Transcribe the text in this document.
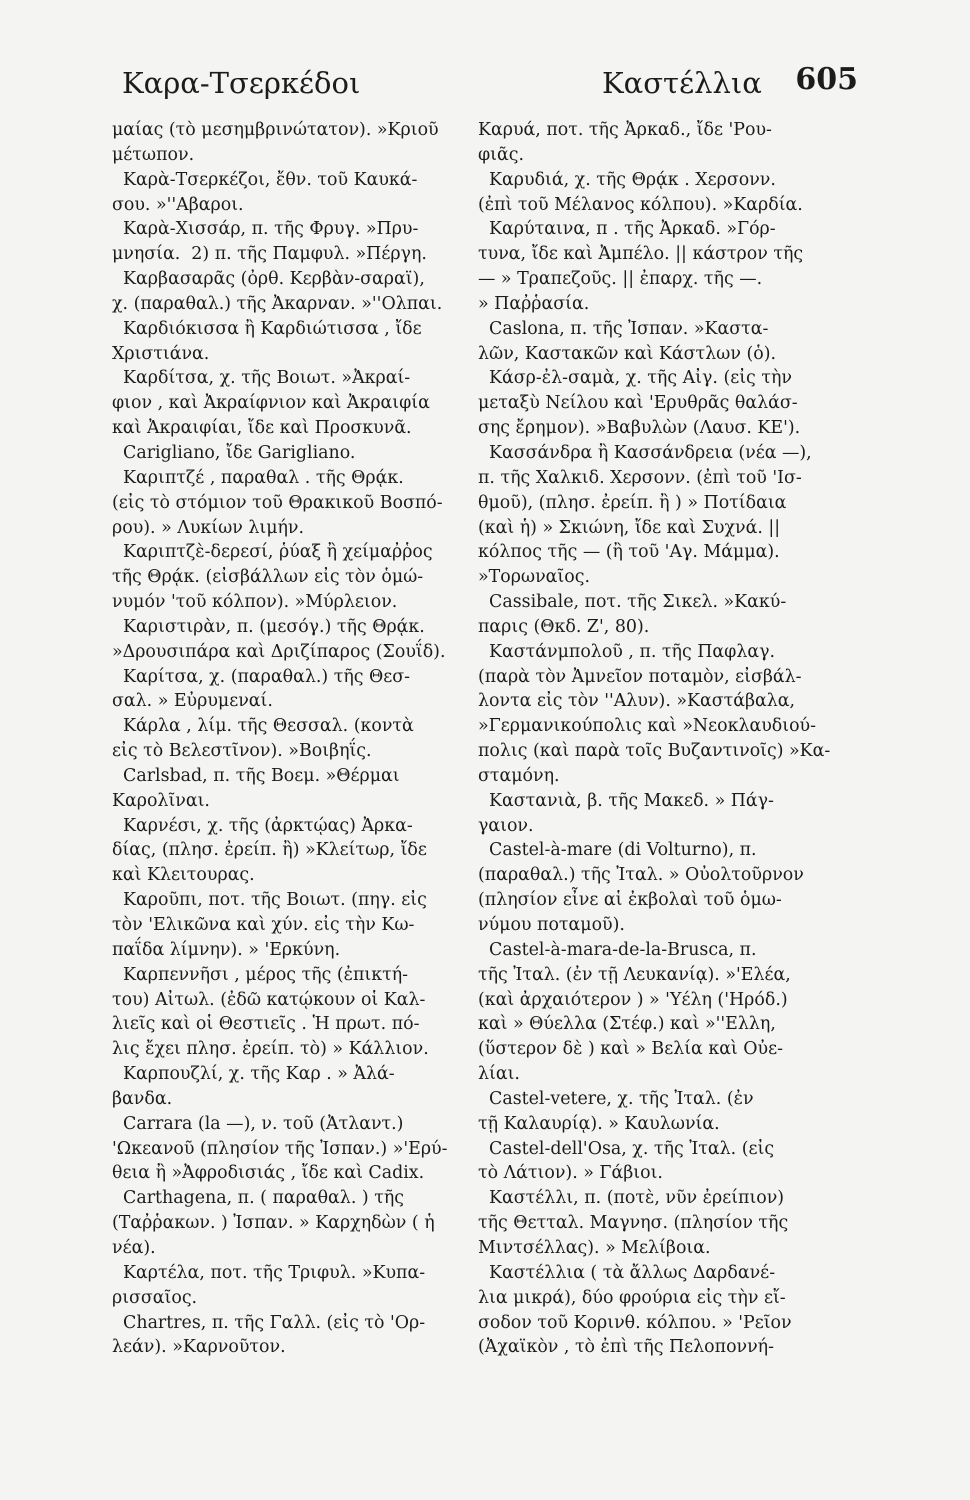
Καρα-Τσερκέδοι	Καστέλλια 605
μαίας (τὸ μεσημβρινώτατον). »Κριοῦ
μέτωπον.
Καρὰ-Τσερκέζοι, ἔθν. τοῦ Καυκά-
σου. »''Αβαροι.
Καρὰ-Χισσάρ, π. τῆς Φρυγ. »Πρυ-
μνησία.  2) π. τῆς Παμφυλ. »Πέργη.
Καρβασαρᾶς (ὀρθ. Κερβὰν-σαραϊ),
χ. (παραθαλ.) τῆς Ἀκαρναν. »''Ολπαι.
Καρδιόκισσα ἢ Καρδιώτισσα , ἴδε
Χριστιάνα.
Καρδίτσα, χ. τῆς Βοιωτ. »Ἀκραί-
φιον , καὶ Ἀκραίφνιον καὶ Ἀκραιφία
καὶ Ἀκραιφίαι, ἴδε καὶ Προσκυνᾶ.
Carigliano, ἴδε Garigliano.
Καριπτζέ , παραθαλ . τῆς Θρᾴκ.
(εἰς τὸ στόμιον τοῦ Θρακικοῦ Βοσπό-
ρου). » Λυκίων λιμήν.
Καριπτζὲ-δερεσί, ῥύαξ ἢ χείμαῤῥος
τῆς Θρᾴκ. (εἰσβάλλων εἰς τὸν ὁμώ-
νυμόν 'τοῦ κόλπον). »Μύρλειον.
Καριστιρὰν, π. (μεσόγ.) τῆς Θρᾴκ.
»Δρουσιπάρα καὶ Δριζίπαρος (Σουΐδ).
Καρίτσα, χ. (παραθαλ.) τῆς Θεσ-
σαλ. » Εὐρυμεναί.
Κάρλα , λίμ. τῆς Θεσσαλ. (κοντὰ
εἰς τὸ Βελεστῖνον). »Βοιβηΐς.
Carlsbad, π. τῆς Βοεμ. »Θέρμαι
Καρολῖναι.
Καρνέσι, χ. τῆς (ἀρκτῴας) Ἀρκα-
δίας, (πλησ. ἐρείπ. ἢ) »Κλείτωρ, ἴδε
καὶ Κλειτουρας.
Καροῦπι, ποτ. τῆς Βοιωτ. (πηγ. εἰς
τὸν 'Ελικῶνα καὶ χύν. εἰς τὴν Κω-
παΐδα λίμνην). » 'Ερκύνη.
Καρπεννῆσι , μέρος τῆς (ἐπικτή-
του) Αἰτωλ. (ἐδῶ κατῴκουν οἱ Καλ-
λιεῖς καὶ οἱ Θεστιεῖς . Ἡ πρωτ. πό-
λις ἔχει πλησ. ἐρείπ. τὸ) » Κάλλιον.
Καρπουζλί, χ. τῆς Καρ . » Ἀλά-
βανδα.
Carrara (la —), ν. τοῦ (Ἀτλαντ.)
'Ωκεανοῦ (πλησίον τῆς Ἰσπαν.) »'Ερύ-
θεια ἢ »Ἀφροδισιάς , ἴδε καὶ Cadix.
Carthagena, π. ( παραθαλ. ) τῆς
(Ταῤῥακων. ) Ἰσπαν. » Καρχηδὼν ( ἡ
νέα).
Καρτέλα, ποτ. τῆς Τριφυλ. »Κυπα-
ρισσαῖος.
Chartres, π. τῆς Γαλλ. (εἰς τὸ 'Ορ-
λεάν). »Καρνοῦτον.
Καρυά, ποτ. τῆς Ἀρκαδ., ἴδε 'Ρου-
φιᾶς.
Καρυδιά, χ. τῆς Θρᾴκ . Χερσονν.
(ἐπὶ τοῦ Μέλανος κόλπου). »Καρδία.
Καρύταινα, π . τῆς Ἀρκαδ. »Γόρ-
τυνα, ἴδε καὶ Ἀμπέλο. || κάστρον τῆς
— » Τραπεζοῦς. || ἐπαρχ. τῆς —.
» Παῤῥασία.
Caslona, π. τῆς Ἰσπαν. »Καστα-
λῶν, Καστακῶν καὶ Κάστλων (ὁ).
Κάσρ-ἐλ-σαμὰ, χ. τῆς Αἰγ. (εἰς τὴν
μεταξὺ Νείλου καὶ 'Ερυθρᾶς θαλάσ-
σης ἔρημον). »Βαβυλὼν (Λαυσ. ΚΕ').
Κασσάνδρα ἢ Κασσάνδρεια (νέα —),
π. τῆς Χαλκιδ. Χερσονν. (ἐπὶ τοῦ 'Ισ-
θμοῦ), (πλησ. ἐρείπ. ἢ ) » Ποτίδαια
(καὶ ἡ) » Σκιώνη, ἴδε καὶ Συχνά. ||
κόλπος τῆς — (ἢ τοῦ 'Αγ. Μάμμα).
»Τορωναῖος.
Cassibale, ποτ. τῆς Σικελ. »Κακύ-
παρις (Θκδ. Ζ', 80).
Καστάνμπολοῦ , π. τῆς Παφλαγ.
(παρὰ τὸν Ἀμνεῖον ποταμὸν, εἰσβάλ-
λοντα εἰς τὸν ''Αλυν). »Καστάβαλα,
»Γερμανικούπολις καὶ »Νεοκλαυδιού-
πολις (καὶ παρὰ τοῖς Βυζαντινοῖς) »Κα-
σταμόνη.
Καστανιὰ, β. τῆς Μακεδ. » Πάγ-
γαιον.
Castel-à-mare (di Volturno), π.
(παραθαλ.) τῆς Ἰταλ. » Οὐολτοῦρνον
(πλησίον εἶνε αἱ ἐκβολαὶ τοῦ ὁμω-
νύμου ποταμοῦ).
Castel-à-mara-de-la-Brusca, π.
τῆς Ἰταλ. (ἐν τῇ Λευκανίᾳ). »'Ελέα,
(καὶ ἀρχαιότερον ) » 'Υέλη ('Ηρόδ.)
καὶ » Θύελλα (Στέφ.) καὶ »''Ελλη,
(ὕστερον δὲ ) καὶ » Βελία καὶ Οὐε-
λίαι.
Castel-vetere, χ. τῆς Ἰταλ. (ἐν
τῇ Καλαυρίᾳ). » Καυλωνία.
Castel-dell'Osa, χ. τῆς Ἰταλ. (εἰς
τὸ Λάτιον). » Γάβιοι.
Καστέλλι, π. (ποτὲ, νῦν ἐρείπιον)
τῆς Θετταλ. Μαγνησ. (πλησίον τῆς
Μιντσέλλας). » Μελίβοια.
Καστέλλια ( τὰ ἄλλως Δαρδανέ-
λια μικρά), δύο φρούρια εἰς τὴν εἴ-
σοδον τοῦ Κορινθ. κόλπου. » 'Ρεῖον
(Ἀχαϊκὸν , τὸ ἐπὶ τῆς Πελοποννή-
